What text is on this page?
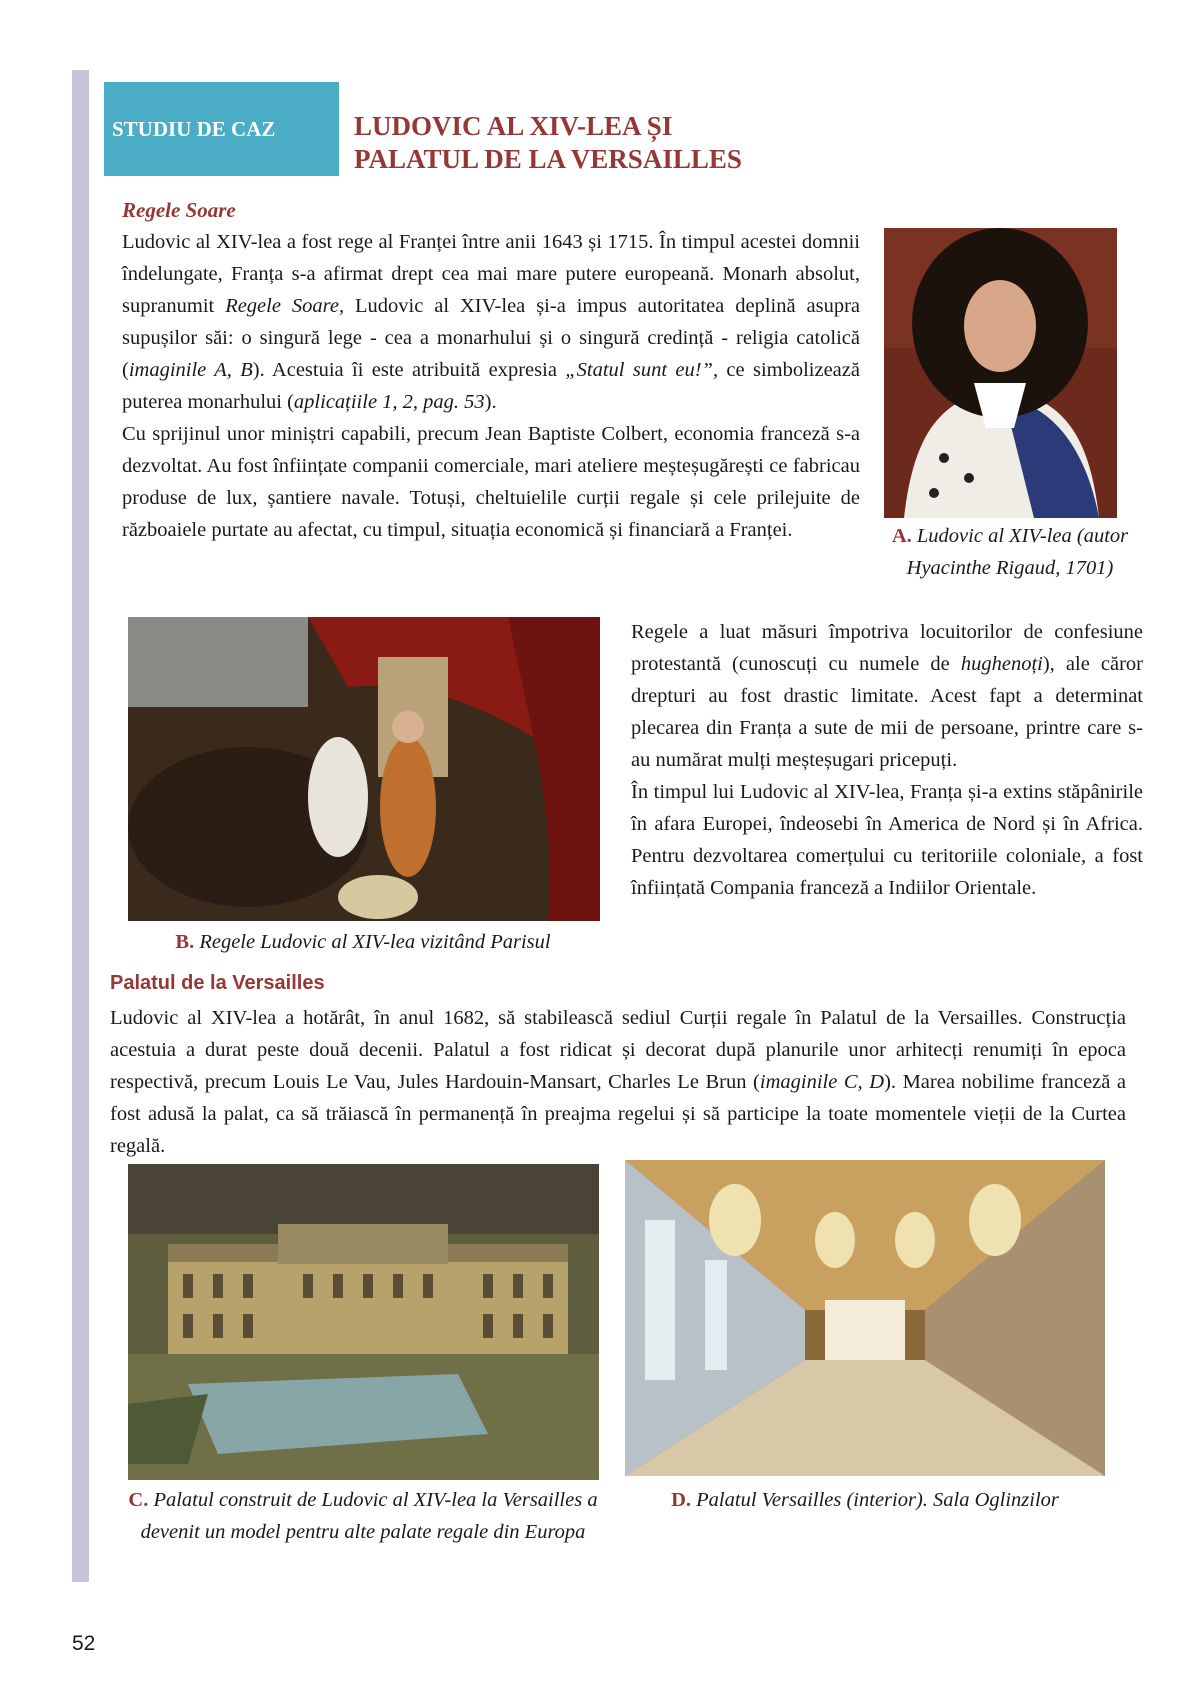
STUDIU DE CAZ	LUDOVIC AL XIV-LEA ȘI
PALATUL DE LA VERSAILLES
Regele Soare

Ludovic al XIV-lea a fost rege al Franței între anii 1643 și 1715. În timpul acestei domnii îndelungate, Franța s-a afirmat drept cea mai mare putere europeană. Monarh absolut, supranumit Regele Soare, Ludovic al XIV-lea și-a impus autoritatea deplină asupra supușilor săi: o singură lege - cea a monarhului și o singură credință - religia catolică (imaginile A, B). Acestuia îi este atribuită expresia „Statul sunt eu!”, ce simbolizează puterea monarhului (aplicațiile 1, 2, pag. 53).

Cu sprijinul unor miniștri capabili, precum Jean Baptiste Colbert, economia franceză s-a dezvoltat. Au fost înființate companii comerciale, mari ateliere meșteșugărești ce fabricau produse de lux, șantiere navale. Totuși, cheltuielile curții regale și cele prilejuite de războaiele purtate au afectat, cu timpul, situația economică și financiară a Franței.	A. Ludovic al XIV-lea (autor Hyacinthe Rigaud, 1701)
B. Regele Ludovic al XIV-lea vizitând Parisul

Regele a luat măsuri împotriva locuitorilor de confesiune protestantă (cunoscuți cu numele de hughenoți), ale căror drepturi au fost drastic limitate. Acest fapt a determinat plecarea din Franța a sute de mii de persoane, printre care s-au numărat mulți meșteșugari pricepuți.

În timpul lui Ludovic al XIV-lea, Franța și-a extins stăpânirile în afara Europei, îndeosebi în America de Nord și în Africa. Pentru dezvoltarea comerțului cu teritoriile coloniale, a fost înființată Compania franceză a Indiilor Orientale.

Palatul de la Versailles

Ludovic al XIV-lea a hotărât, în anul 1682, să stabilească sediul Curții regale în Palatul de la Versailles. Construcția acestuia a durat peste două decenii. Palatul a fost ridicat și decorat după planurile unor arhitecți renumiți în epoca respectivă, precum Louis Le Vau, Jules Hardouin-Mansart, Charles Le Brun (imaginile C, D). Marea nobilime franceză a fost adusă la palat, ca să trăiască în permanență în preajma regelui și să participe la toate momentele vieții de la Curtea regală.

C. Palatul construit de Ludovic al XIV-lea la Versailles a devenit un model pentru alte palate regale din Europa
D. Palatul Versailles (interior). Sala Oglinzilor
52
